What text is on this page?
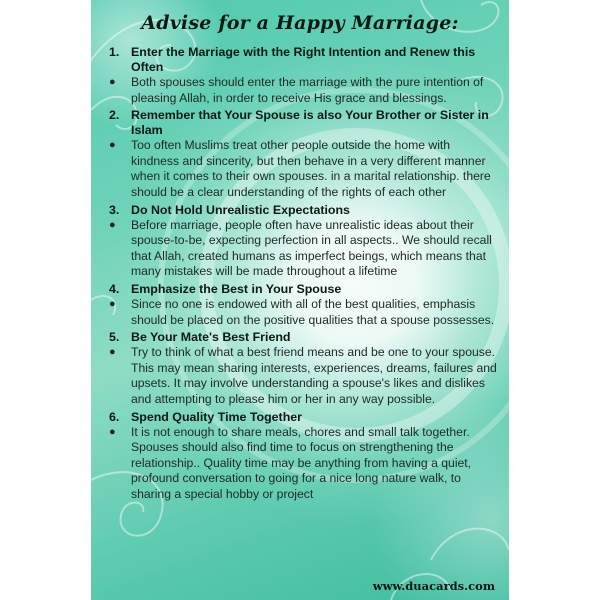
Advise for a Happy Marriage:
1. Enter the Marriage with the Right Intention and Renew this Often
●	Both spouses should enter the marriage with the pure intention of pleasing Allah, in order to receive His grace and blessings.
2. Remember that Your Spouse is also Your Brother or Sister in Islam
●	Too often Muslims treat other people outside the home with kindness and sincerity, but then behave in a very different manner when it comes to their own spouses. in a marital relationship. there should be a clear understanding of the rights of each other
3. Do Not Hold Unrealistic Expectations
●	Before marriage, people often have unrealistic ideas about their spouse-to-be, expecting perfection in all aspects.. We should recall that Allah, created humans as imperfect beings, which means that many mistakes will be made throughout a lifetime
4. Emphasize the Best in Your Spouse
●	Since no one is endowed with all of the best qualities, emphasis should be placed on the positive qualities that a spouse possesses.
5. Be Your Mate's Best Friend
●	Try to think of what a best friend means and be one to your spouse. This may mean sharing interests, experiences, dreams, failures and upsets. It may involve understanding a spouse's likes and dislikes and attempting to please him or her in any way possible.
6. Spend Quality Time Together
●	It is not enough to share meals, chores and small talk together. Spouses should also find time to focus on strengthening the relationship.. Quality time may be anything from having a quiet, profound conversation to going for a nice long nature walk, to sharing a special hobby or project
www.duacards.com
